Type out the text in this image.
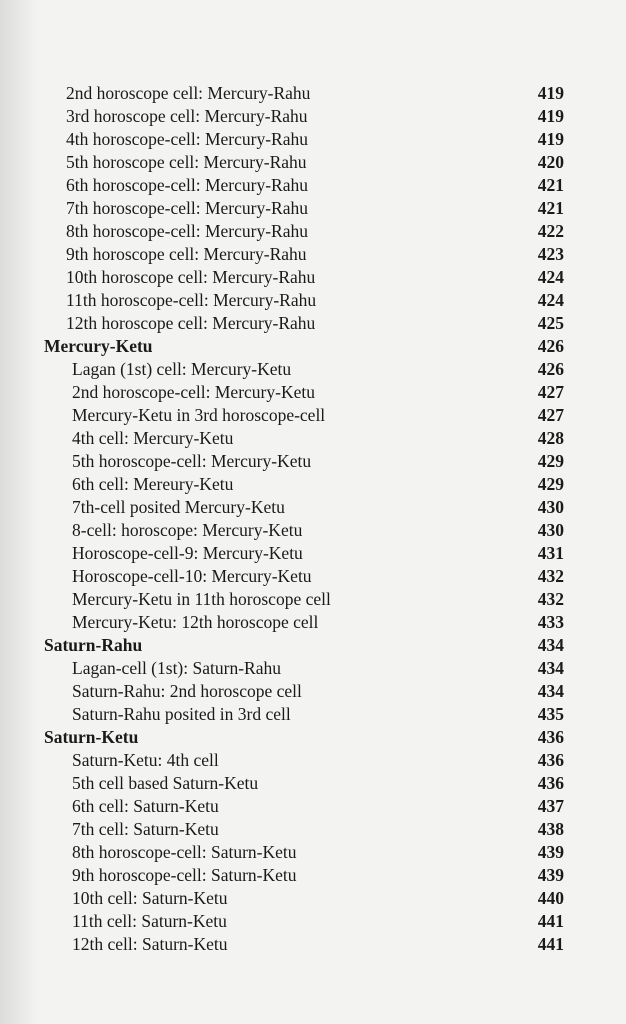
2nd horoscope cell: Mercury-Rahu	419
3rd horoscope cell: Mercury-Rahu	419
4th horoscope-cell: Mercury-Rahu	419
5th horoscope cell: Mercury-Rahu	420
6th horoscope-cell: Mercury-Rahu	421
7th horoscope-cell: Mercury-Rahu	421
8th horoscope-cell: Mercury-Rahu	422
9th horoscope cell: Mercury-Rahu	423
10th horoscope cell: Mercury-Rahu	424
11th horoscope-cell: Mercury-Rahu	424
12th horoscope cell: Mercury-Rahu	425
Mercury-Ketu	426
Lagan (1st) cell: Mercury-Ketu	426
2nd horoscope-cell: Mercury-Ketu	427
Mercury-Ketu in 3rd horoscope-cell	427
4th cell: Mercury-Ketu	428
5th horoscope-cell: Mercury-Ketu	429
6th cell: Mereury-Ketu	429
7th-cell posited Mercury-Ketu	430
8-cell: horoscope: Mercury-Ketu	430
Horoscope-cell-9: Mercury-Ketu	431
Horoscope-cell-10: Mercury-Ketu	432
Mercury-Ketu in 11th horoscope cell	432
Mercury-Ketu: 12th horoscope cell	433
Saturn-Rahu	434
Lagan-cell (1st): Saturn-Rahu	434
Saturn-Rahu: 2nd horoscope cell	434
Saturn-Rahu posited in 3rd cell	435
Saturn-Ketu	436
Saturn-Ketu: 4th cell	436
5th cell based Saturn-Ketu	436
6th cell: Saturn-Ketu	437
7th cell: Saturn-Ketu	438
8th horoscope-cell: Saturn-Ketu	439
9th horoscope-cell: Saturn-Ketu	439
10th cell: Saturn-Ketu	440
11th cell: Saturn-Ketu	441
12th cell: Saturn-Ketu	441
